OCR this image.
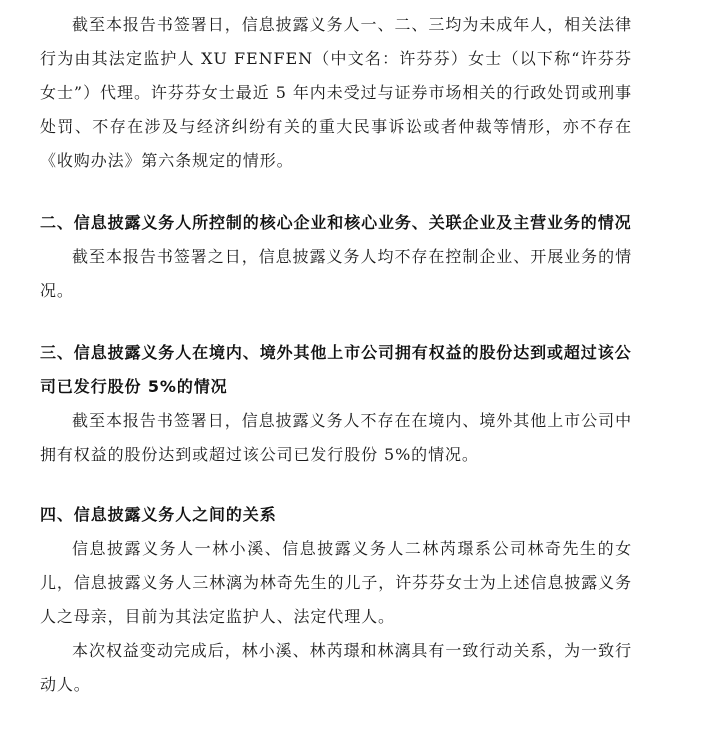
截至本报告书签署日，信息披露义务人一、二、三均为未成年人，相关法律行为由其法定监护人 XU FENFEN（中文名：许芬芬）女士（以下称“许芬芬女士”）代理。许芬芬女士最近 5 年内未受过与证券市场相关的行政处罚或刑事处罚、不存在涉及与经济纠纷有关的重大民事诉讼或者仲裁等情形，亦不存在《收购办法》第六条规定的情形。

二、信息披露义务人所控制的核心企业和核心业务、关联企业及主营业务的情况

截至本报告书签署之日，信息披露义务人均不存在控制企业、开展业务的情况。

三、信息披露义务人在境内、境外其他上市公司拥有权益的股份达到或超过该公司已发行股份 5%的情况

截至本报告书签署日，信息披露义务人不存在在境内、境外其他上市公司中拥有权益的股份达到或超过该公司已发行股份 5%的情况。

四、信息披露义务人之间的关系

信息披露义务人一林小溪、信息披露义务人二林芮璟系公司林奇先生的女儿，信息披露义务人三林漓为林奇先生的儿子，许芬芬女士为上述信息披露义务人之母亲，目前为其法定监护人、法定代理人。

本次权益变动完成后，林小溪、林芮璟和林漓具有一致行动关系，为一致行动人。
